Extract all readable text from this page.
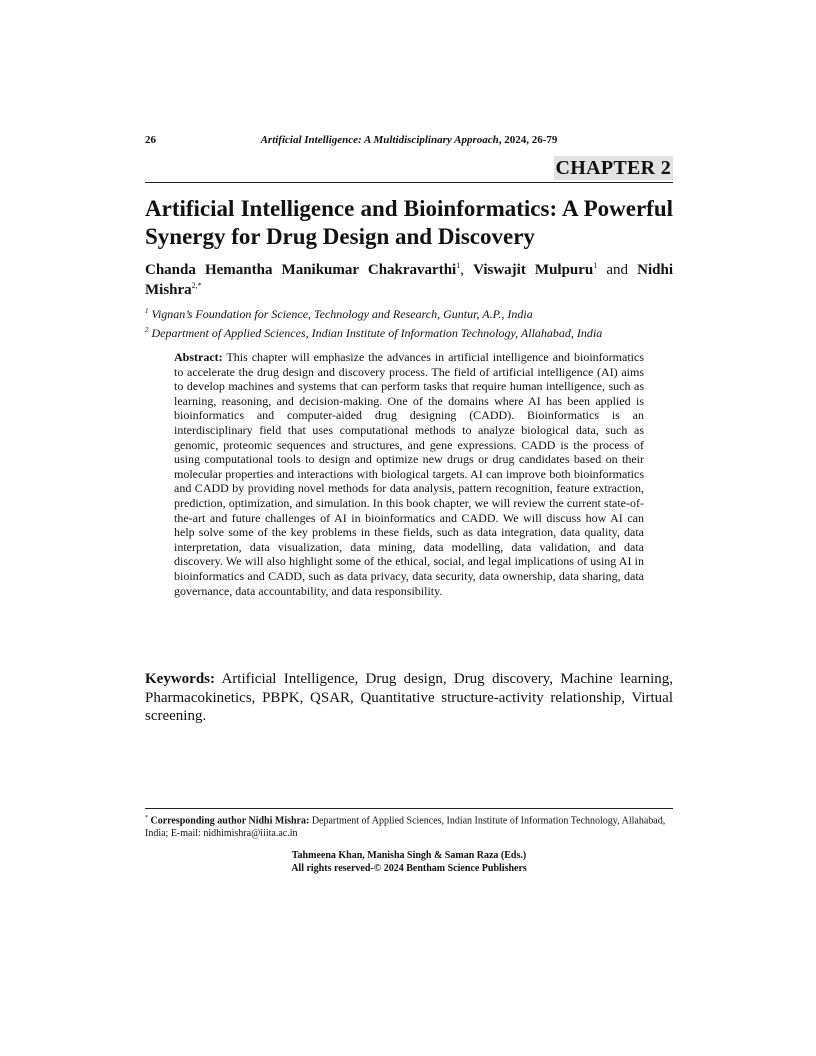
26	Artificial Intelligence: A Multidisciplinary Approach, 2024, 26-79
CHAPTER 2
Artificial Intelligence and Bioinformatics: A Powerful Synergy for Drug Design and Discovery

Chanda Hemantha Manikumar Chakravarthi$^1$, Viswajit Mulpuru$^1$ and Nidhi Mishra$^{2,*}$

$^1$ Vignan’s Foundation for Science, Technology and Research, Guntur, A.P., India

$^2$ Department of Applied Sciences, Indian Institute of Information Technology, Allahabad, India

Abstract: This chapter will emphasize the advances in artificial intelligence and bioinformatics to accelerate the drug design and discovery process. The field of artificial intelligence (AI) aims to develop machines and systems that can perform tasks that require human intelligence, such as learning, reasoning, and decision-making. One of the domains where AI has been applied is bioinformatics and computer-aided drug designing (CADD). Bioinformatics is an interdisciplinary field that uses computational methods to analyze biological data, such as genomic, proteomic sequences and structures, and gene expressions. CADD is the process of using computational tools to design and optimize new drugs or drug candidates based on their molecular properties and interactions with biological targets. AI can improve both bioinformatics and CADD by providing novel methods for data analysis, pattern recognition, feature extraction, prediction, optimization, and simulation. In this book chapter, we will review the current state-of-the-art and future challenges of AI in bioinformatics and CADD. We will discuss how AI can help solve some of the key problems in these fields, such as data integration, data quality, data interpretation, data visualization, data mining, data modelling, data validation, and data discovery. We will also highlight some of the ethical, social, and legal implications of using AI in bioinformatics and CADD, such as data privacy, data security, data ownership, data sharing, data governance, data accountability, and data responsibility.

Keywords: Artificial Intelligence, Drug design, Drug discovery, Machine learning, Pharmacokinetics, PBPK, QSAR, Quantitative structure-activity relationship, Virtual screening.

* Corresponding author Nidhi Mishra: Department of Applied Sciences, Indian Institute of Information Technology, Allahabad, India; E-mail: nidhimishra@iiita.ac.in

Tahmeena Khan, Manisha Singh & Saman Raza (Eds.)
All rights reserved-© 2024 Bentham Science Publishers
